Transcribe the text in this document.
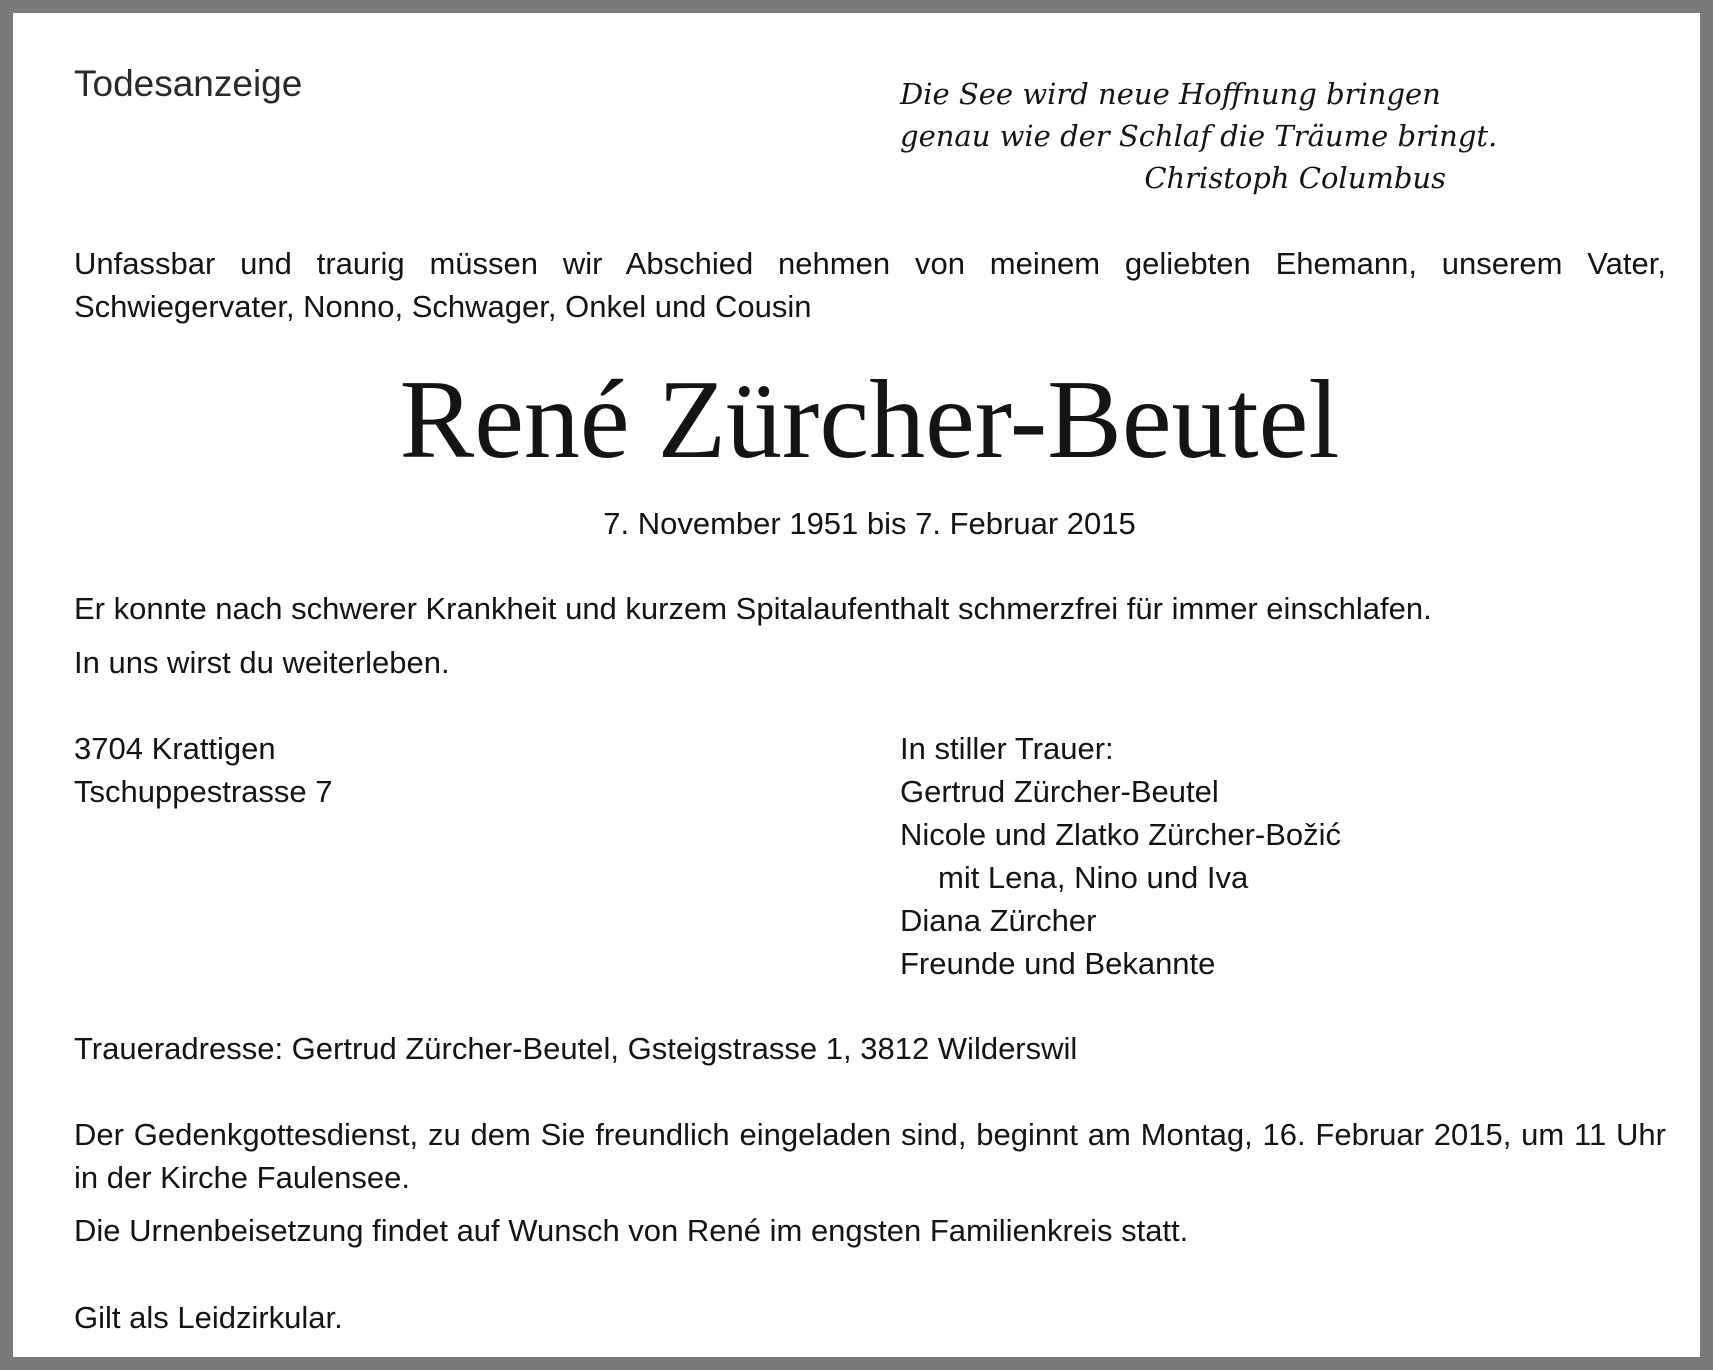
Todesanzeige	Die See wird neue Hoffnung bringen
genau wie der Schlaf die Träume bringt.
Christoph Columbus
Unfassbar und traurig müssen wir Abschied nehmen von meinem geliebten Ehemann, unserem Vater, Schwiegervater, Nonno, Schwager, Onkel und Cousin
René Zürcher-Beutel
7. November 1951 bis 7. Februar 2015
Er konnte nach schwerer Krankheit und kurzem Spitalaufenthalt schmerzfrei für immer einschlafen.
In uns wirst du weiterleben.
3704 Krattigen
Tschuppestrasse 7
In stiller Trauer:
Gertrud Zürcher-Beutel
Nicole und Zlatko Zürcher-Božić
mit Lena, Nino und Iva
Diana Zürcher
Freunde und Bekannte
Traueradresse: Gertrud Zürcher-Beutel, Gsteigstrasse 1, 3812 Wilderswil
Der Gedenkgottesdienst, zu dem Sie freundlich eingeladen sind, beginnt am Montag, 16. Februar 2015, um 11 Uhr in der Kirche Faulensee.
Die Urnenbeisetzung findet auf Wunsch von René im engsten Familienkreis statt.
Gilt als Leidzirkular.
